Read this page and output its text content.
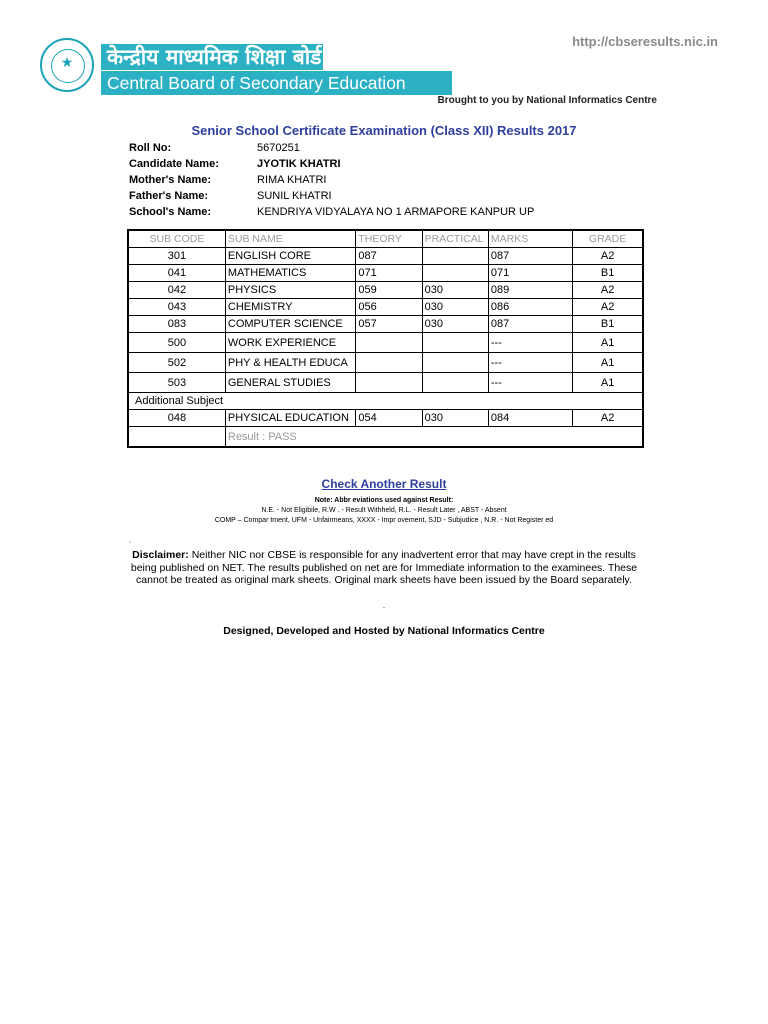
http://cbseresults.nic.in
★	केन्द्रीय माध्यमिक शिक्षा बोर्ड
Central Board of Secondary Education
Brought to you by National Informatics Centre
Senior School Certificate Examination (Class XII) Results 2017
Roll No:	5670251
Candidate Name:	JYOTIK KHATRI
Mother's Name:	RIMA KHATRI
Father's Name:	SUNIL KHATRI
School's Name:	KENDRIYA VIDYALAYA NO 1 ARMAPORE KANPUR UP
SUB CODE	SUB NAME	THEORY	PRACTICAL	MARKS	GRADE
301	ENGLISH CORE	087		087	A2
041	MATHEMATICS	071		071	B1
042	PHYSICS	059	030	089	A2
043	CHEMISTRY	056	030	086	A2
083	COMPUTER SCIENCE	057	030	087	B1
500	WORK EXPERIENCE			---	A1
502	PHY & HEALTH EDUCA			---	A1
503	GENERAL STUDIES			---	A1
Additional Subject					
048	PHYSICAL EDUCATION	054	030	084	A2
	Result : PASS				
Check Another Result
Note: Abbr eviations used against Result:
N.E. - Not Eligibile, R.W . - Result Withheld, R.L. - Result Later , ABST - Absent
COMP – Compar tment, UFM - Unfairmeans, XXXX - Impr ovement, SJD - Subjudice , N.R. - Not Register ed
`
Disclaimer: Neither NIC nor CBSE is responsible for any inadvertent error that may have crept in the results being published on NET. The results published on net are for Immediate information to the examinees. These cannot be treated as original mark sheets. Original mark sheets have been issued by the Board separately.
.
Designed, Developed and Hosted by National Informatics Centre
